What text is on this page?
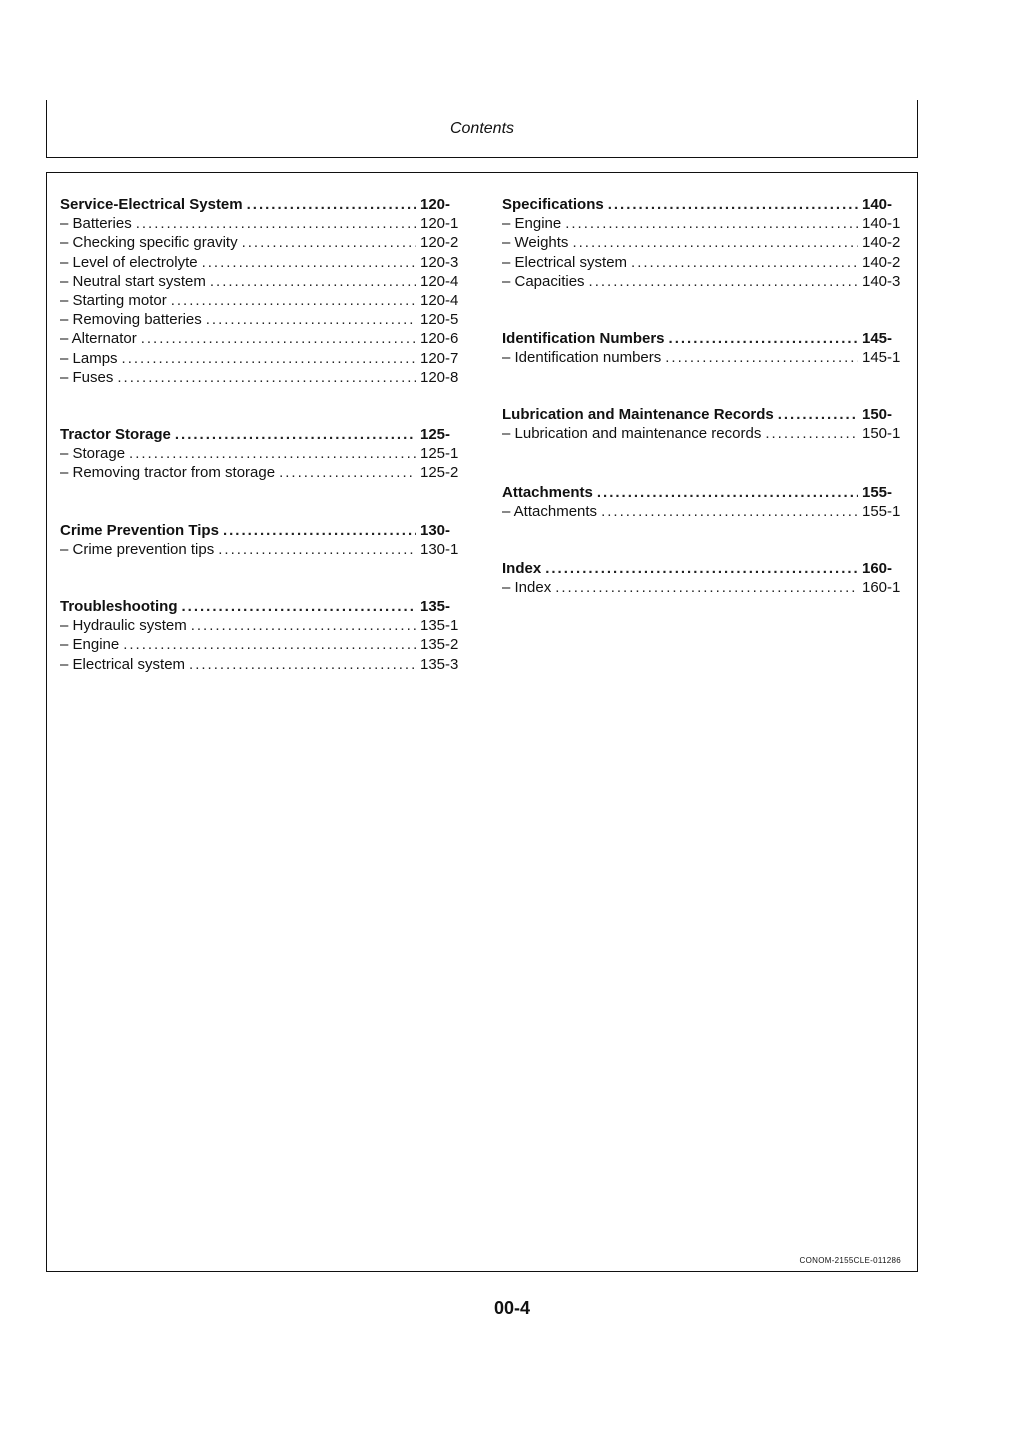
Contents
CONOM-2155CLE-011286
Service-Electrical System .....	120-
– Batteries .....	120-1
– Checking specific gravity .....	120-2
– Level of electrolyte .....	120-3
– Neutral start system .....	120-4
– Starting motor .....	120-4
– Removing batteries .....	120-5
– Alternator .....	120-6
– Lamps .....	120-7
– Fuses .....	120-8
Tractor Storage .....	125-
– Storage .....	125-1
– Removing tractor from storage .....	125-2
Crime Prevention Tips .....	130-
– Crime prevention tips .....	130-1
Troubleshooting .....	135-
– Hydraulic system .....	135-1
– Engine .....	135-2
– Electrical system .....	135-3
Specifications .....	140-
– Engine .....	140-1
– Weights .....	140-2
– Electrical system .....	140-2
– Capacities .....	140-3
Identification Numbers .....	145-
– Identification numbers .....	145-1
Lubrication and Maintenance Records .....	150-
– Lubrication and maintenance records .....	150-1
Attachments .....	155-
– Attachments .....	155-1
Index .....	160-
– Index .....	160-1
00-4
